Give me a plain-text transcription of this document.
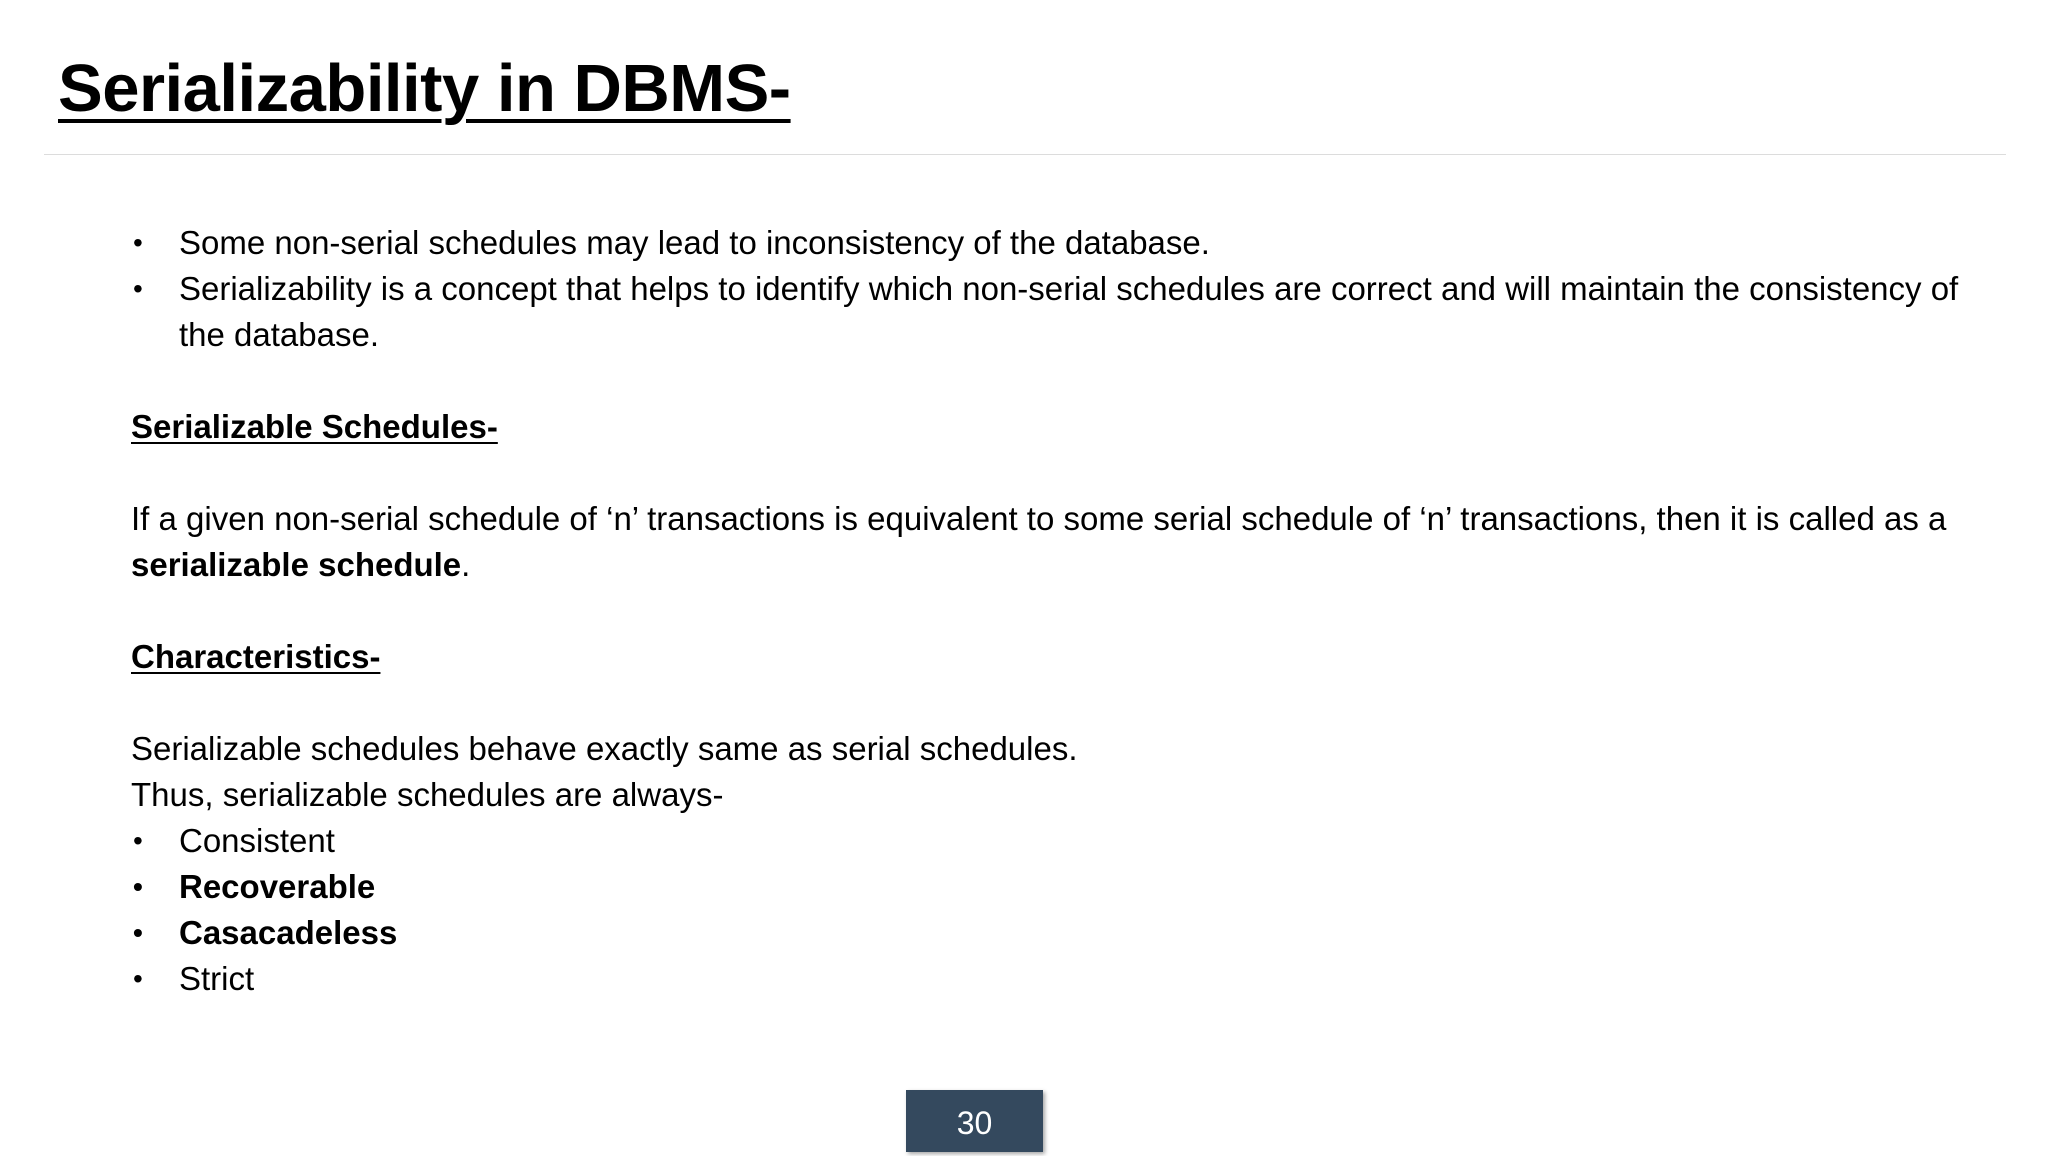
Serializability in DBMS-
• Some non-serial schedules may lead to inconsistency of the database.
• Serializability is a concept that helps to identify which non-serial schedules are correct and will maintain the consistency of the database.

Serializable Schedules-

If a given non-serial schedule of ‘n’ transactions is equivalent to some serial schedule of ‘n’ transactions, then it is called as a serializable schedule.

Characteristics-

Serializable schedules behave exactly same as serial schedules.

Thus, serializable schedules are always-

• Consistent
• Recoverable
• Casacadeless
• Strict
30
